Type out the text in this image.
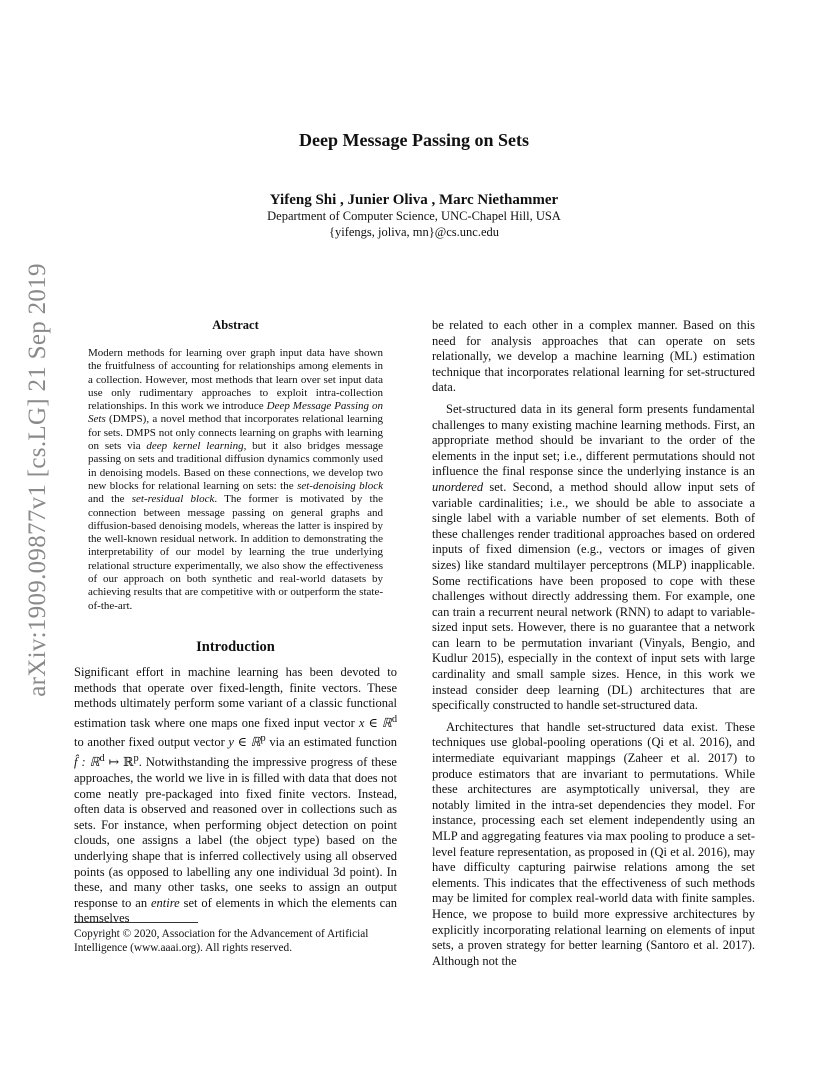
arXiv:1909.09877v1 [cs.LG] 21 Sep 2019
Deep Message Passing on Sets
Yifeng Shi , Junier Oliva , Marc Niethammer
Department of Computer Science, UNC-Chapel Hill, USA
{yifengs, joliva, mn}@cs.unc.edu
Abstract

Modern methods for learning over graph input data have shown the fruitfulness of accounting for relationships among elements in a collection. However, most methods that learn over set input data use only rudimentary approaches to exploit intra-collection relationships. In this work we introduce Deep Message Passing on Sets (DMPS), a novel method that incorporates relational learning for sets. DMPS not only connects learning on graphs with learning on sets via deep kernel learning, but it also bridges message passing on sets and traditional diffusion dynamics commonly used in denoising models. Based on these connections, we develop two new blocks for relational learning on sets: the set-denoising block and the set-residual block. The former is motivated by the connection between message passing on general graphs and diffusion-based denoising models, whereas the latter is inspired by the well-known residual network. In addition to demonstrating the interpretability of our model by learning the true underlying relational structure experimentally, we also show the effectiveness of our approach on both synthetic and real-world datasets by achieving results that are competitive with or outperform the state-of-the-art.

Introduction

Significant effort in machine learning has been devoted to methods that operate over fixed-length, finite vectors. These methods ultimately perform some variant of a classic functional estimation task where one maps one fixed input vector x ∈ ℝ$^d$ to another fixed output vector y ∈ ℝ$^p$ via an estimated function f̂ : ℝ$^d$ ↦ ℝ$^p$. Notwithstanding the impressive progress of these approaches, the world we live in is filled with data that does not come neatly pre-packaged into fixed finite vectors. Instead, often data is observed and reasoned over in collections such as sets. For instance, when performing object detection on point clouds, one assigns a label (the object type) based on the underlying shape that is inferred collectively using all observed points (as opposed to labelling any one individual 3d point). In these, and many other tasks, one seeks to assign an output response to an entire set of elements in which the elements can themselves

Copyright © 2020, Association for the Advancement of Artificial Intelligence (www.aaai.org). All rights reserved.

be related to each other in a complex manner. Based on this need for analysis approaches that can operate on sets relationally, we develop a machine learning (ML) estimation technique that incorporates relational learning for set-structured data.

Set-structured data in its general form presents fundamental challenges to many existing machine learning methods. First, an appropriate method should be invariant to the order of the elements in the input set; i.e., different permutations should not influence the final response since the underlying instance is an unordered set. Second, a method should allow input sets of variable cardinalities; i.e., we should be able to associate a single label with a variable number of set elements. Both of these challenges render traditional approaches based on ordered inputs of fixed dimension (e.g., vectors or images of given sizes) like standard multilayer perceptrons (MLP) inapplicable. Some rectifications have been proposed to cope with these challenges without directly addressing them. For example, one can train a recurrent neural network (RNN) to adapt to variable-sized input sets. However, there is no guarantee that a network can learn to be permutation invariant (Vinyals, Bengio, and Kudlur 2015), especially in the context of input sets with large cardinality and small sample sizes. Hence, in this work we instead consider deep learning (DL) architectures that are specifically constructed to handle set-structured data.

Architectures that handle set-structured data exist. These techniques use global-pooling operations (Qi et al. 2016), and intermediate equivariant mappings (Zaheer et al. 2017) to produce estimators that are invariant to permutations. While these architectures are asymptotically universal, they are notably limited in the intra-set dependencies they model. For instance, processing each set element independently using an MLP and aggregating features via max pooling to produce a set-level feature representation, as proposed in (Qi et al. 2016), may have difficulty capturing pairwise relations among the set elements. This indicates that the effectiveness of such methods may be limited for complex real-world data with finite samples. Hence, we propose to build more expressive architectures by explicitly incorporating relational learning on elements of input sets, a proven strategy for better learning (Santoro et al. 2017). Although not the
